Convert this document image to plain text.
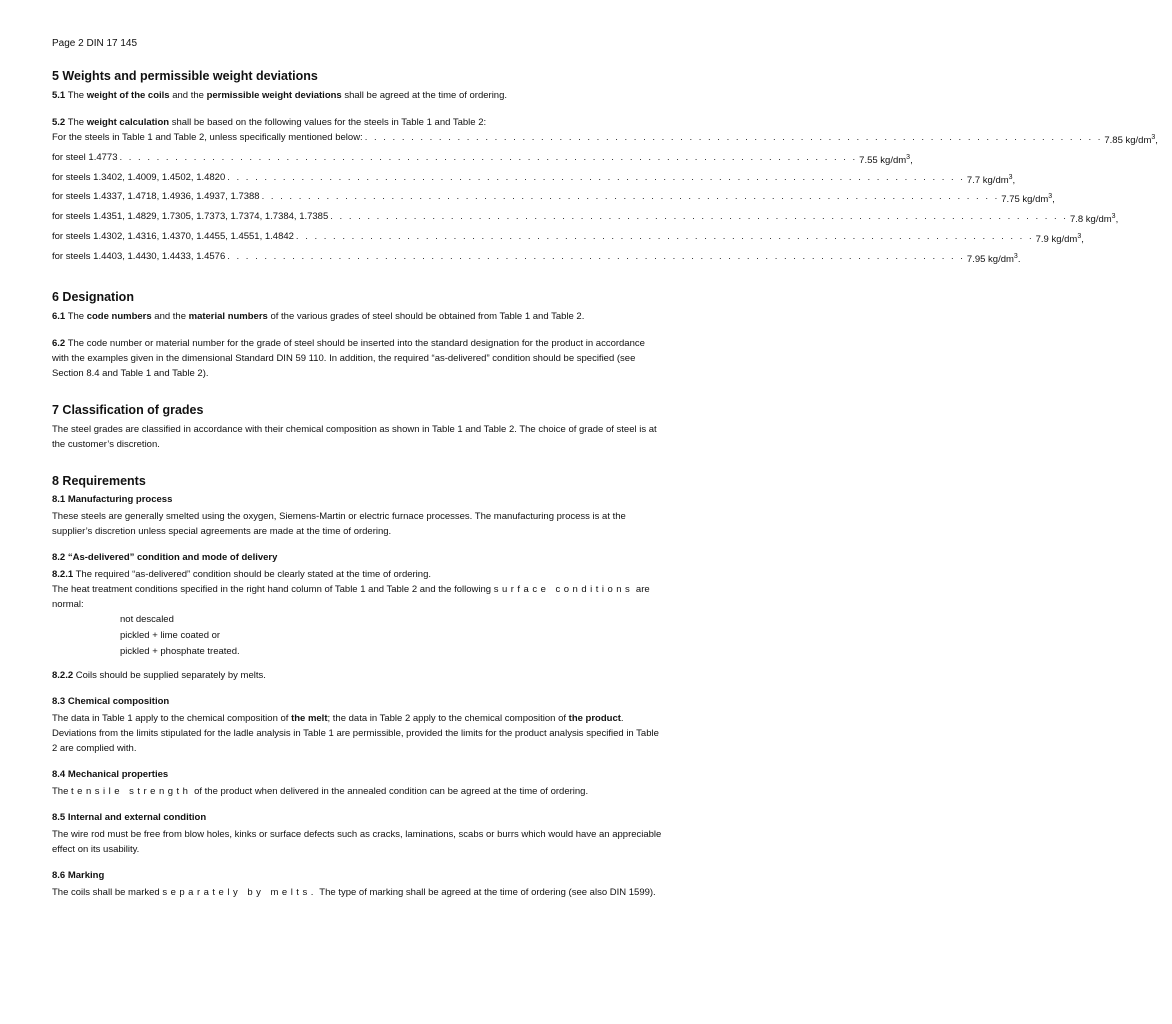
Page 2 DIN 17 145
5 Weights and permissible weight deviations

5.1 The weight of the coils and the permissible weight deviations shall be agreed at the time of ordering.

5.2 The weight calculation shall be based on the following values for the steels in Table 1 and Table 2:

For the steels in Table 1 and Table 2, unless specifically mentioned below: . . . . . . . . . . . . . . . . . . . . . . . . . . . . . . . . . . . . . . . . . . . . . . . . . . . . . . . . . . . . . . . . . . . . . . . . . . . . . . . . 7.85 $kg/dm^3$,
for steel 1.4773 . . . . . . . . . . . . . . . . . . . . . . . . . . . . . . . . . . . . . . . . . . . . . . . . . . . . . . . . . . . . . . . . . . . . . . . . . . . . . . . . 7.55 $kg/dm^3$,
for steels 1.3402, 1.4009, 1.4502, 1.4820 . . . . . . . . . . . . . . . . . . . . . . . . . . . . . . . . . . . . . . . . . . . . . . . . . . . . . . . . . . . . . . . . . . . . . . . . . . . . . . . . 7.7 $kg/dm^3$,
for steels 1.4337, 1.4718, 1.4936, 1.4937, 1.7388 . . . . . . . . . . . . . . . . . . . . . . . . . . . . . . . . . . . . . . . . . . . . . . . . . . . . . . . . . . . . . . . . . . . . . . . . . . . . . . . . 7.75 $kg/dm^3$,
for steels 1.4351, 1.4829, 1.7305, 1.7373, 1.7374, 1.7384, 1.7385 . . . . . . . . . . . . . . . . . . . . . . . . . . . . . . . . . . . . . . . . . . . . . . . . . . . . . . . . . . . . . . . . . . . . . . . . . . . . . . . . 7.8 $kg/dm^3$,
for steels 1.4302, 1.4316, 1.4370, 1.4455, 1.4551, 1.4842 . . . . . . . . . . . . . . . . . . . . . . . . . . . . . . . . . . . . . . . . . . . . . . . . . . . . . . . . . . . . . . . . . . . . . . . . . . . . . . . . 7.9 $kg/dm^3$,
for steels 1.4403, 1.4430, 1.4433, 1.4576 . . . . . . . . . . . . . . . . . . . . . . . . . . . . . . . . . . . . . . . . . . . . . . . . . . . . . . . . . . . . . . . . . . . . . . . . . . . . . . . . 7.95 $kg/dm^3$.
6 Designation

6.1 The code numbers and the material numbers of the various grades of steel should be obtained from Table 1 and Table 2.

6.2 The code number or material number for the grade of steel should be inserted into the standard designation for the product in accordance with the examples given in the dimensional Standard DIN 59 110. In addition, the required “as-delivered” condition should be specified (see Section 8.4 and Table 1 and Table 2).

7 Classification of grades

The steel grades are classified in accordance with their chemical composition as shown in Table 1 and Table 2. The choice of grade of steel is at the customer’s discretion.

8 Requirements
8.1 Manufacturing process

These steels are generally smelted using the oxygen, Siemens-Martin or electric furnace processes. The manufacturing process is at the supplier’s discretion unless special agreements are made at the time of ordering.

8.2 “As-delivered” condition and mode of delivery

8.2.1 The required “as-delivered” condition should be clearly stated at the time of ordering.

The heat treatment conditions specified in the right hand column of Table 1 and Table 2 and the following surface conditions are normal:

not descaled
pickled + lime coated or
pickled + phosphate treated.

8.2.2 Coils should be supplied separately by melts.

8.3 Chemical composition

The data in Table 1 apply to the chemical composition of the melt; the data in Table 2 apply to the chemical composition of the product.

Deviations from the limits stipulated for the ladle analysis in Table 1 are permissible, provided the limits for the product analysis specified in Table 2 are complied with.

8.4 Mechanical properties

The tensile strength of the product when delivered in the annealed condition can be agreed at the time of ordering.

8.5 Internal and external condition

The wire rod must be free from blow holes, kinks or surface defects such as cracks, laminations, scabs or burrs which would have an appreciable effect on its usability.

8.6 Marking

The coils shall be marked separately by melts. The type of marking shall be agreed at the time of ordering (see also DIN 1599).
